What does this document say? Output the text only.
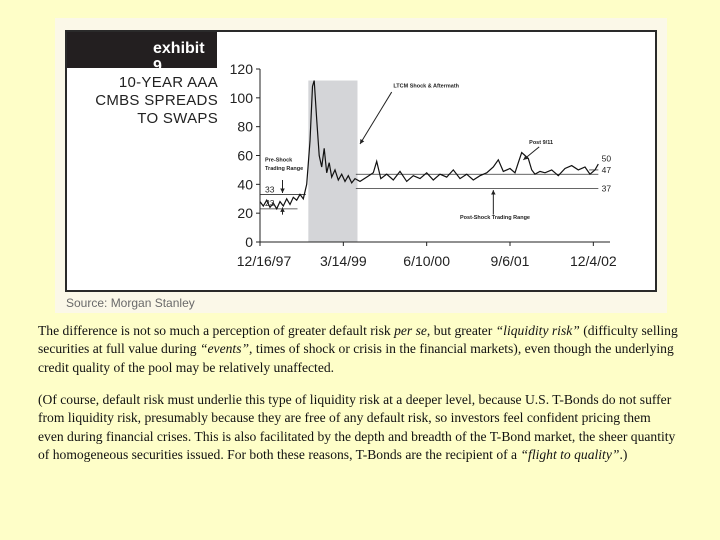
exhibit 9
10-YEAR AAA
CMBS SPREADS
TO SWAPS
0
20
40
60
80
100
120
12/16/97 3/14/99	6/10/00	9/6/01	12/4/02
33
23
50
47
37
LTCM Shock & Aftermath
Post 9/11
Pre-Shock
Trading Range
Post-Shock Trading Range
Source: Morgan Stanley

The difference is not so much a perception of greater default risk per se, but greater “liquidity risk” (difficulty selling securities at full value during “events”, times of shock or crisis in the financial markets), even though the underlying credit quality of the pool may be relatively unaffected.

(Of course, default risk must underlie this type of liquidity risk at a deeper level, because U.S. T-Bonds do not suffer from liquidity risk, presumably because they are free of any default risk, so investors feel confident pricing them even during financial crises. This is also facilitated by the depth and breadth of the T-Bond market, the sheer quantity of homogeneous securities issued. For both these reasons, T-Bonds are the recipient of a “flight to quality”.)
